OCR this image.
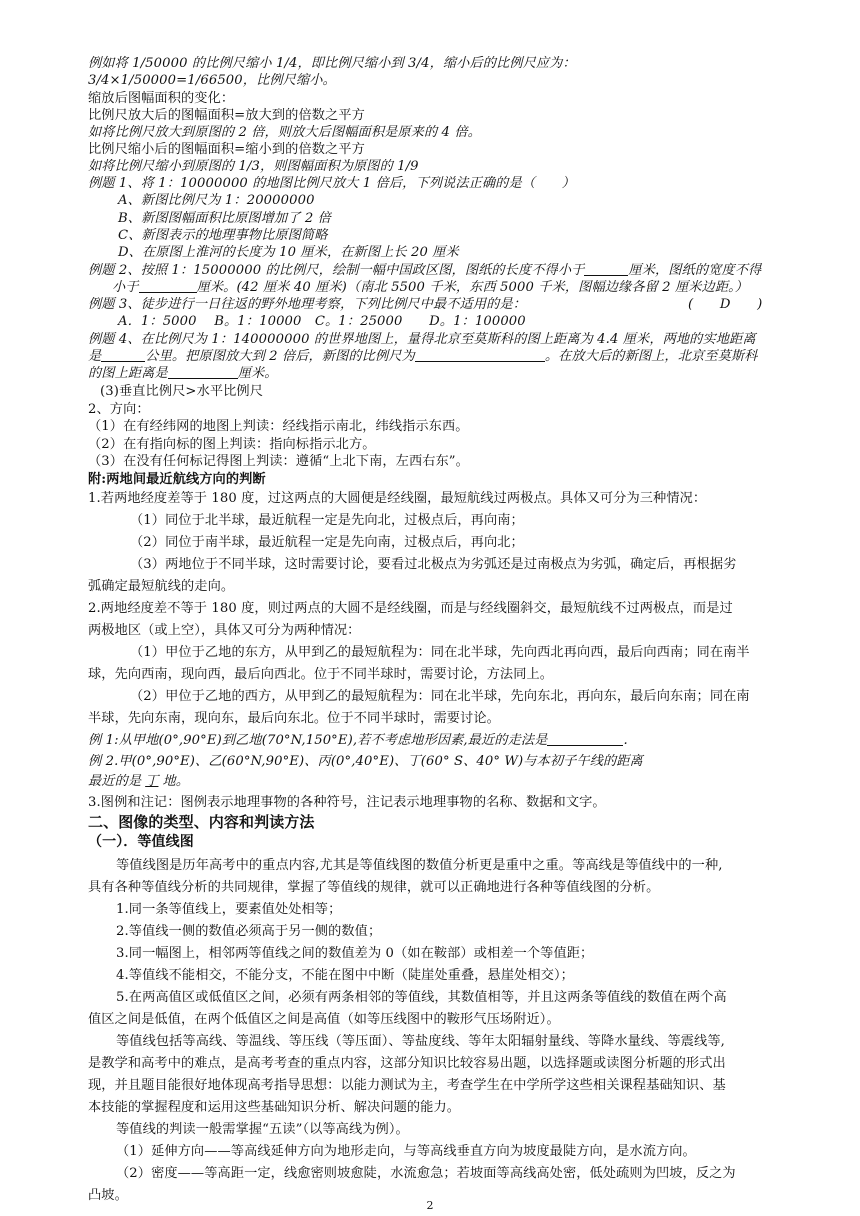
例如将 1/50000 的比例尺缩小 1/4，即比例尺缩小到 3/4，缩小后的比例尺应为：
3/4×1/50000=1/66500，比例尺缩小。
缩放后图幅面积的变化：
比例尺放大后的图幅面积=放大到的倍数之平方
如将比例尺放大到原图的 2 倍，则放大后图幅面积是原来的 4 倍。
比例尺缩小后的图幅面积=缩小到的倍数之平方
如将比例尺缩小到原图的 1/3，则图幅面积为原图的 1/9
例题 1、将 1：10000000 的地图比例尺放大 1 倍后，下列说法正确的是（　　）
A、新图比例尺为 1：20000000
B、新图图幅面积比原图增加了 2 倍
C、新图表示的地理事物比原图简略
D、在原图上淮河的长度为 10 厘米，在新图上长 20 厘米
例题 2、按照 1：15000000 的比例尺，绘制一幅中国政区图，图纸的长度不得小于	厘米，图纸的宽度不得
小于	厘米。(42 厘米 40 厘米)（南北 5500 千米，东西 5000 千米，图幅边缘各留 2 厘米边距。）
例题 3、徒步进行一日往返的野外地理考察，下列比例尺中最不适用的是：	(　　D　　)
A．1：5000　 B。1：10000　C。1：25000　　D。1：100000
例题 4、在比例尺为 1：140000000 的世界地图上，量得北京至莫斯科的图上距离为 4.4 厘米，两地的实地距离
是	公里。把原图放大到 2 倍后，新图的比例尺为	。在放大后的新图上，北京至莫斯科
的图上距离是	厘米。
(3)垂直比例尺>水平比例尺
2、方向：
（1）在有经纬网的地图上判读：经线指示南北，纬线指示东西。
（2）在有指向标的图上判读：指向标指示北方。
（3）在没有任何标记得图上判读：遵循“上北下南，左西右东”。
附:两地间最近航线方向的判断
1.若两地经度差等于 180 度，过这两点的大圆便是经线圈，最短航线过两极点。具体又可分为三种情况：
（1）同位于北半球，最近航程一定是先向北，过极点后，再向南；
（2）同位于南半球，最近航程一定是先向南，过极点后，再向北；
（3）两地位于不同半球，这时需要讨论，要看过北极点为劣弧还是过南极点为劣弧，确定后，再根据劣
弧确定最短航线的走向。
2.两地经度差不等于 180 度，则过两点的大圆不是经线圈，而是与经线圈斜交，最短航线不过两极点，而是过
两极地区（或上空），具体又可分为两种情况：
（1）甲位于乙地的东方，从甲到乙的最短航程为：同在北半球，先向西北再向西，最后向西南；同在南半
球，先向西南，现向西，最后向西北。位于不同半球时，需要讨论，方法同上。
（2）甲位于乙地的西方，从甲到乙的最短航程为：同在北半球，先向东北，再向东，最后向东南；同在南
半球，先向东南，现向东，最后向东北。位于不同半球时，需要讨论。
例 1:从甲地(0°,90°E)到乙地(70°N,150°E),若不考虑地形因素,最近的走法是	.
例 2.甲(0°,90°E)、乙(60°N,90°E)、丙(0°,40°E)、丁(60° S、40° W)与本初子午线的距离
最近的是 丁 地。
3.图例和注记：图例表示地理事物的各种符号，注记表示地理事物的名称、数据和文字。
二、图像的类型、内容和判读方法
（一）．等值线图
等值线图是历年高考中的重点内容,尤其是等值线图的数值分析更是重中之重。等高线是等值线中的一种,
具有各种等值线分析的共同规律，掌握了等值线的规律，就可以正确地进行各种等值线图的分析。
1.同一条等值线上，要素值处处相等；
2.等值线一侧的数值必须高于另一侧的数值；
3.同一幅图上，相邻两等值线之间的数值差为 0（如在鞍部）或相差一个等值距；
4.等值线不能相交，不能分支，不能在图中中断（陡崖处重叠，悬崖处相交）；
5.在两高值区或低值区之间，必须有两条相邻的等值线，其数值相等，并且这两条等值线的数值在两个高
值区之间是低值，在两个低值区之间是高值（如等压线图中的鞍形气压场附近）。
等值线包括等高线、等温线、等压线（等压面）、等盐度线、等年太阳辐射量线、等降水量线、等震线等,
是教学和高考中的难点，是高考考查的重点内容，这部分知识比较容易出题，以选择题或读图分析题的形式出
现，并且题目能很好地体现高考指导思想：以能力测试为主，考查学生在中学所学这些相关课程基础知识、基
本技能的掌握程度和运用这些基础知识分析、解决问题的能力。
等值线的判读一般需掌握“五读”（以等高线为例）。
（1）延伸方向——等高线延伸方向为地形走向，与等高线垂直方向为坡度最陡方向，是水流方向。
（2）密度——等高距一定，线愈密则坡愈陡，水流愈急；若坡面等高线高处密，低处疏则为凹坡，反之为
凸坡。
2
